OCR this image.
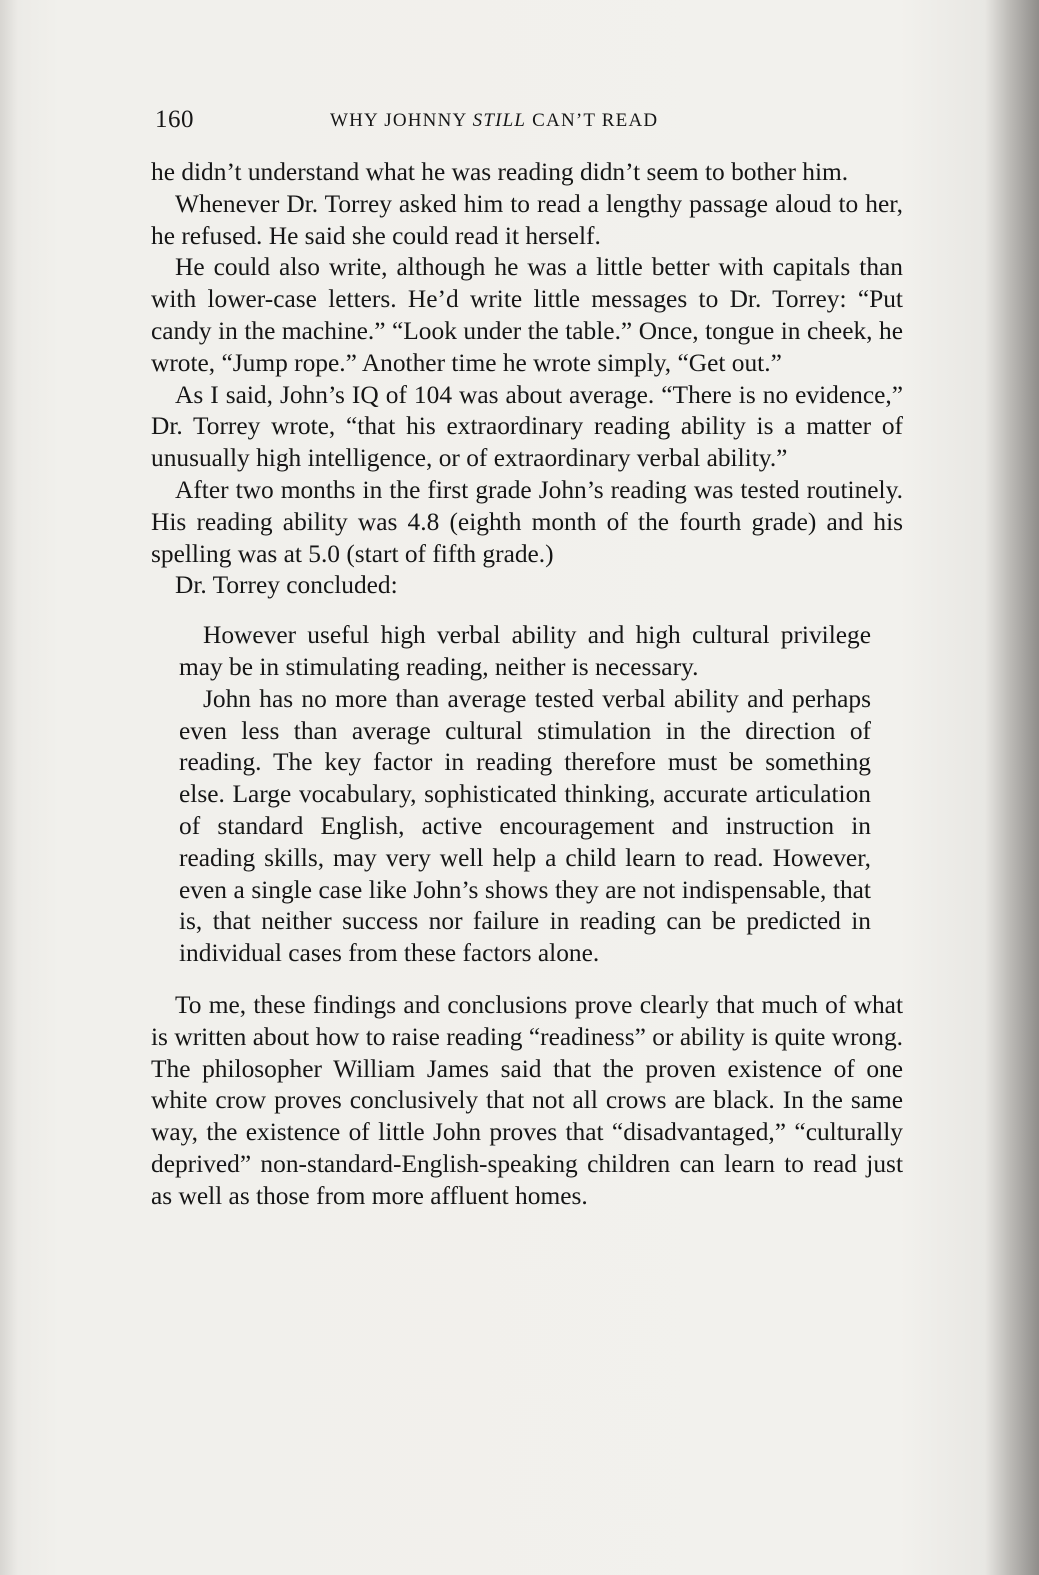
160	WHY JOHNNY STILL CAN’T READ

he didn’t understand what he was reading didn’t seem to bother him.

Whenever Dr. Torrey asked him to read a lengthy passage aloud to her, he refused. He said she could read it herself.

He could also write, although he was a little better with capitals than with lower-case letters. He’d write little messages to Dr. Torrey: “Put candy in the machine.” “Look under the table.” Once, tongue in cheek, he wrote, “Jump rope.” Another time he wrote simply, “Get out.”

As I said, John’s IQ of 104 was about average. “There is no evidence,” Dr. Torrey wrote, “that his extraordinary reading ability is a matter of unusually high intelligence, or of extraordinary verbal ability.”

After two months in the first grade John’s reading was tested routinely. His reading ability was 4.8 (eighth month of the fourth grade) and his spelling was at 5.0 (start of fifth grade.)

Dr. Torrey concluded:

However useful high verbal ability and high cultural privilege may be in stimulating reading, neither is necessary.

John has no more than average tested verbal ability and perhaps even less than average cultural stimulation in the direction of reading. The key factor in reading therefore must be something else. Large vocabulary, sophisticated thinking, accurate articulation of standard English, active encouragement and instruction in reading skills, may very well help a child learn to read. However, even a single case like John’s shows they are not indispensable, that is, that neither success nor failure in reading can be predicted in individual cases from these factors alone.

To me, these findings and conclusions prove clearly that much of what is written about how to raise reading “readiness” or ability is quite wrong. The philosopher William James said that the proven existence of one white crow proves conclusively that not all crows are black. In the same way, the existence of little John proves that “disadvantaged,” “culturally deprived” non-standard-English-speaking children can learn to read just as well as those from more affluent homes.
